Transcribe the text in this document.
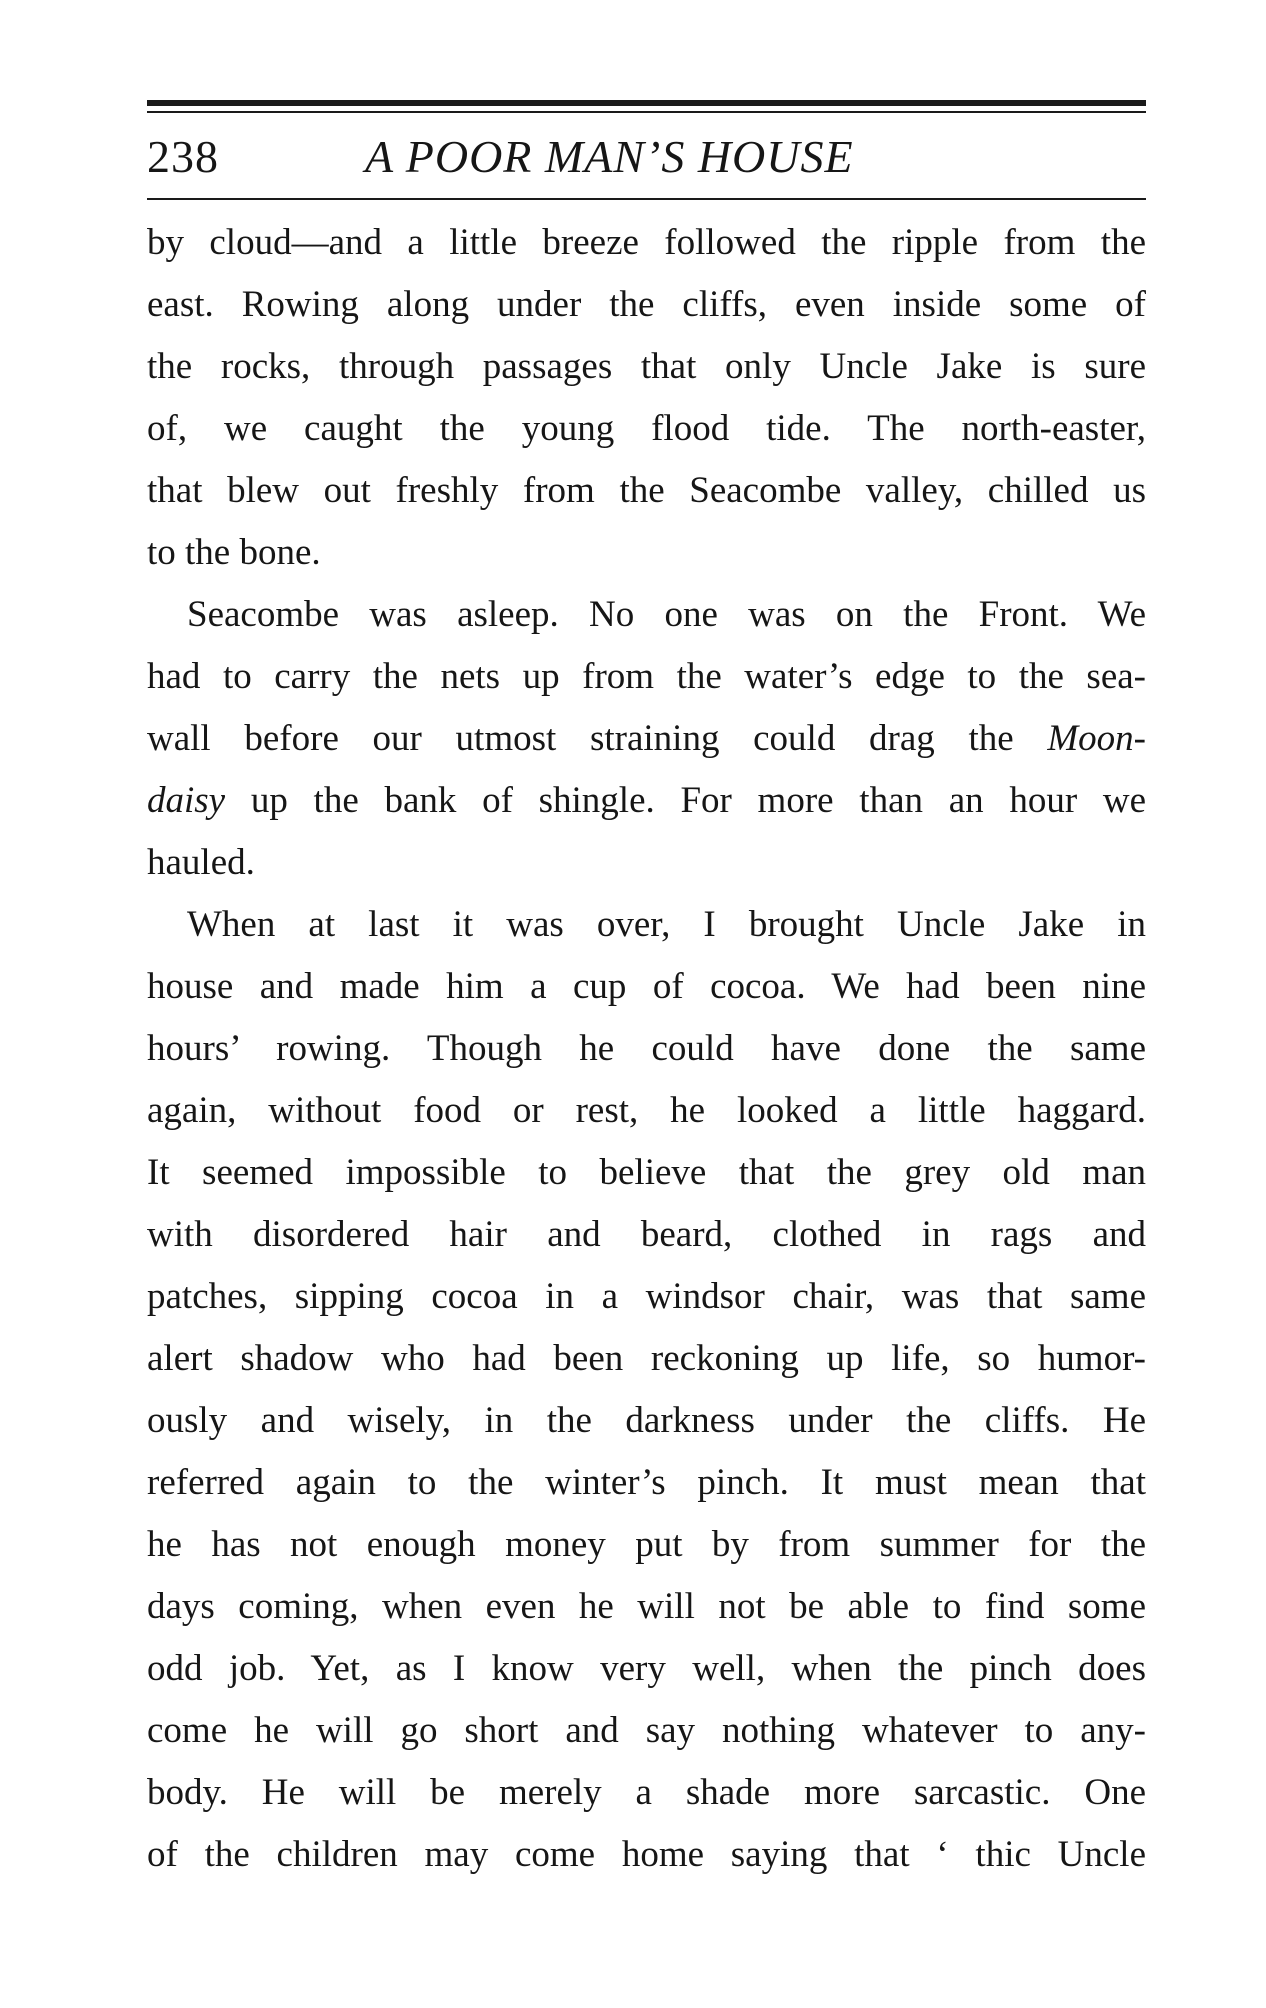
238	A POOR MAN’S HOUSE
by cloud—and a little breeze followed the ripple from the
east. Rowing along under the cliffs, even inside some of
the rocks, through passages that only Uncle Jake is sure
of, we caught the young flood tide. The north-easter,
that blew out freshly from the Seacombe valley, chilled us
to the bone.
Seacombe was asleep. No one was on the Front. We
had to carry the nets up from the water’s edge to the sea-
wall before our utmost straining could drag the Moon-
daisy up the bank of shingle. For more than an hour we
hauled.
When at last it was over, I brought Uncle Jake in
house and made him a cup of cocoa. We had been nine
hours’ rowing. Though he could have done the same
again, without food or rest, he looked a little haggard.
It seemed impossible to believe that the grey old man
with disordered hair and beard, clothed in rags and
patches, sipping cocoa in a windsor chair, was that same
alert shadow who had been reckoning up life, so humor-
ously and wisely, in the darkness under the cliffs. He
referred again to the winter’s pinch. It must mean that
he has not enough money put by from summer for the
days coming, when even he will not be able to find some
odd job. Yet, as I know very well, when the pinch does
come he will go short and say nothing whatever to any-
body. He will be merely a shade more sarcastic. One
of the children may come home saying that ‘ thic Uncle
